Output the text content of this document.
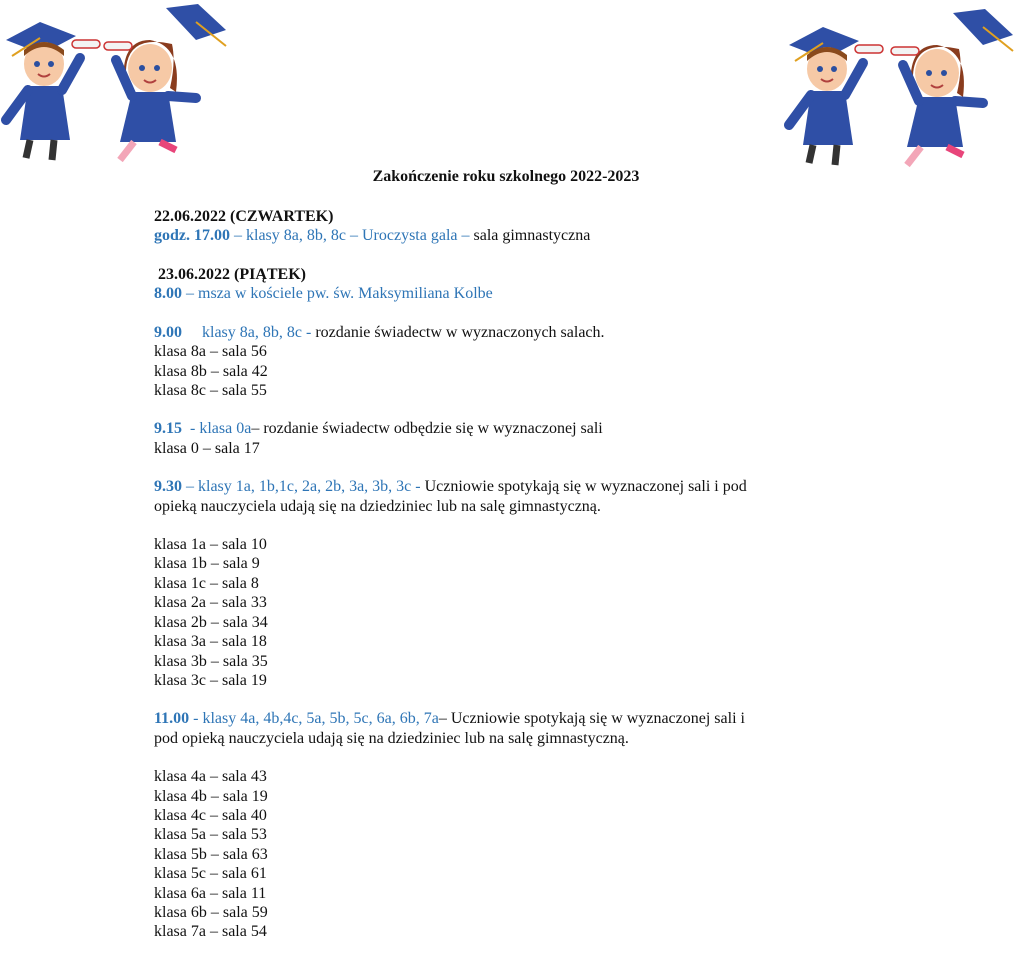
Zakończenie roku szkolnego 2022-2023
22.06.2022 (CZWARTEK)
godz. 17.00 – klasy 8a, 8b, 8c – Uroczysta gala – sala gimnastyczna
23.06.2022 (PIĄTEK)
8.00 – msza w kościele pw. św. Maksymiliana Kolbe
9.00     klasy 8a, 8b, 8c - rozdanie świadectw w wyznaczonych salach.
klasa 8a – sala 56
klasa 8b – sala 42
klasa 8c – sala 55
9.15  - klasa 0a– rozdanie świadectw odbędzie się w wyznaczonej sali
klasa 0 – sala 17
9.30 – klasy 1a, 1b,1c, 2a, 2b, 3a, 3b, 3c - Uczniowie spotykają się w wyznaczonej sali i pod
opieką nauczyciela udają się na dziedziniec lub na salę gimnastyczną.
klasa 1a – sala 10
klasa 1b – sala 9
klasa 1c – sala 8
klasa 2a – sala 33
klasa 2b – sala 34
klasa 3a – sala 18
klasa 3b – sala 35
klasa 3c – sala 19
11.00 - klasy 4a, 4b,4c, 5a, 5b, 5c, 6a, 6b, 7a– Uczniowie spotykają się w wyznaczonej sali i
pod opieką nauczyciela udają się na dziedziniec lub na salę gimnastyczną.
klasa 4a – sala 43
klasa 4b – sala 19
klasa 4c – sala 40
klasa 5a – sala 53
klasa 5b – sala 63
klasa 5c – sala 61
klasa 6a – sala 11
klasa 6b – sala 59
klasa 7a – sala 54
